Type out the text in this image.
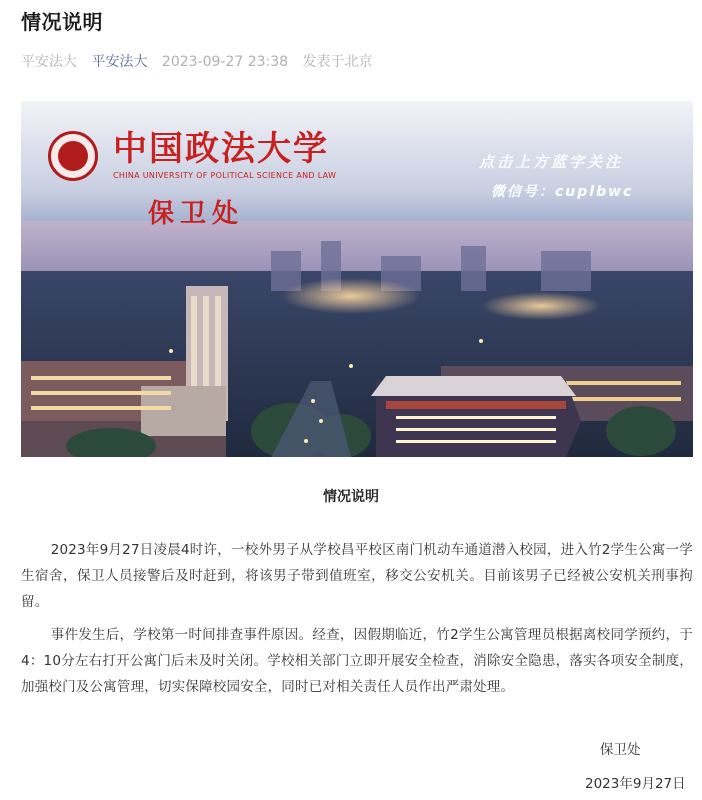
情况说明
平安法大 平安法大 2023-09-27 23:38 发表于北京
中国政法大学
CHINA UNIVERSITY OF POLITICAL SCIENCE AND LAW
保卫处
点击上方蓝字关注
微信号：cuplbwc
情况说明

2023年9月27日凌晨4时许，一校外男子从学校昌平校区南门机动车通道潜入校园，进入竹2学生公寓一学生宿舍，保卫人员接警后及时赶到，将该男子带到值班室，移交公安机关。目前该男子已经被公安机关刑事拘留。

事件发生后，学校第一时间排查事件原因。经查，因假期临近，竹2学生公寓管理员根据离校同学预约，于4：10分左右打开公寓门后未及时关闭。学校相关部门立即开展安全检查，消除安全隐患，落实各项安全制度，加强校门及公寓管理，切实保障校园安全，同时已对相关责任人员作出严肃处理。

保卫处
2023年9月27日
